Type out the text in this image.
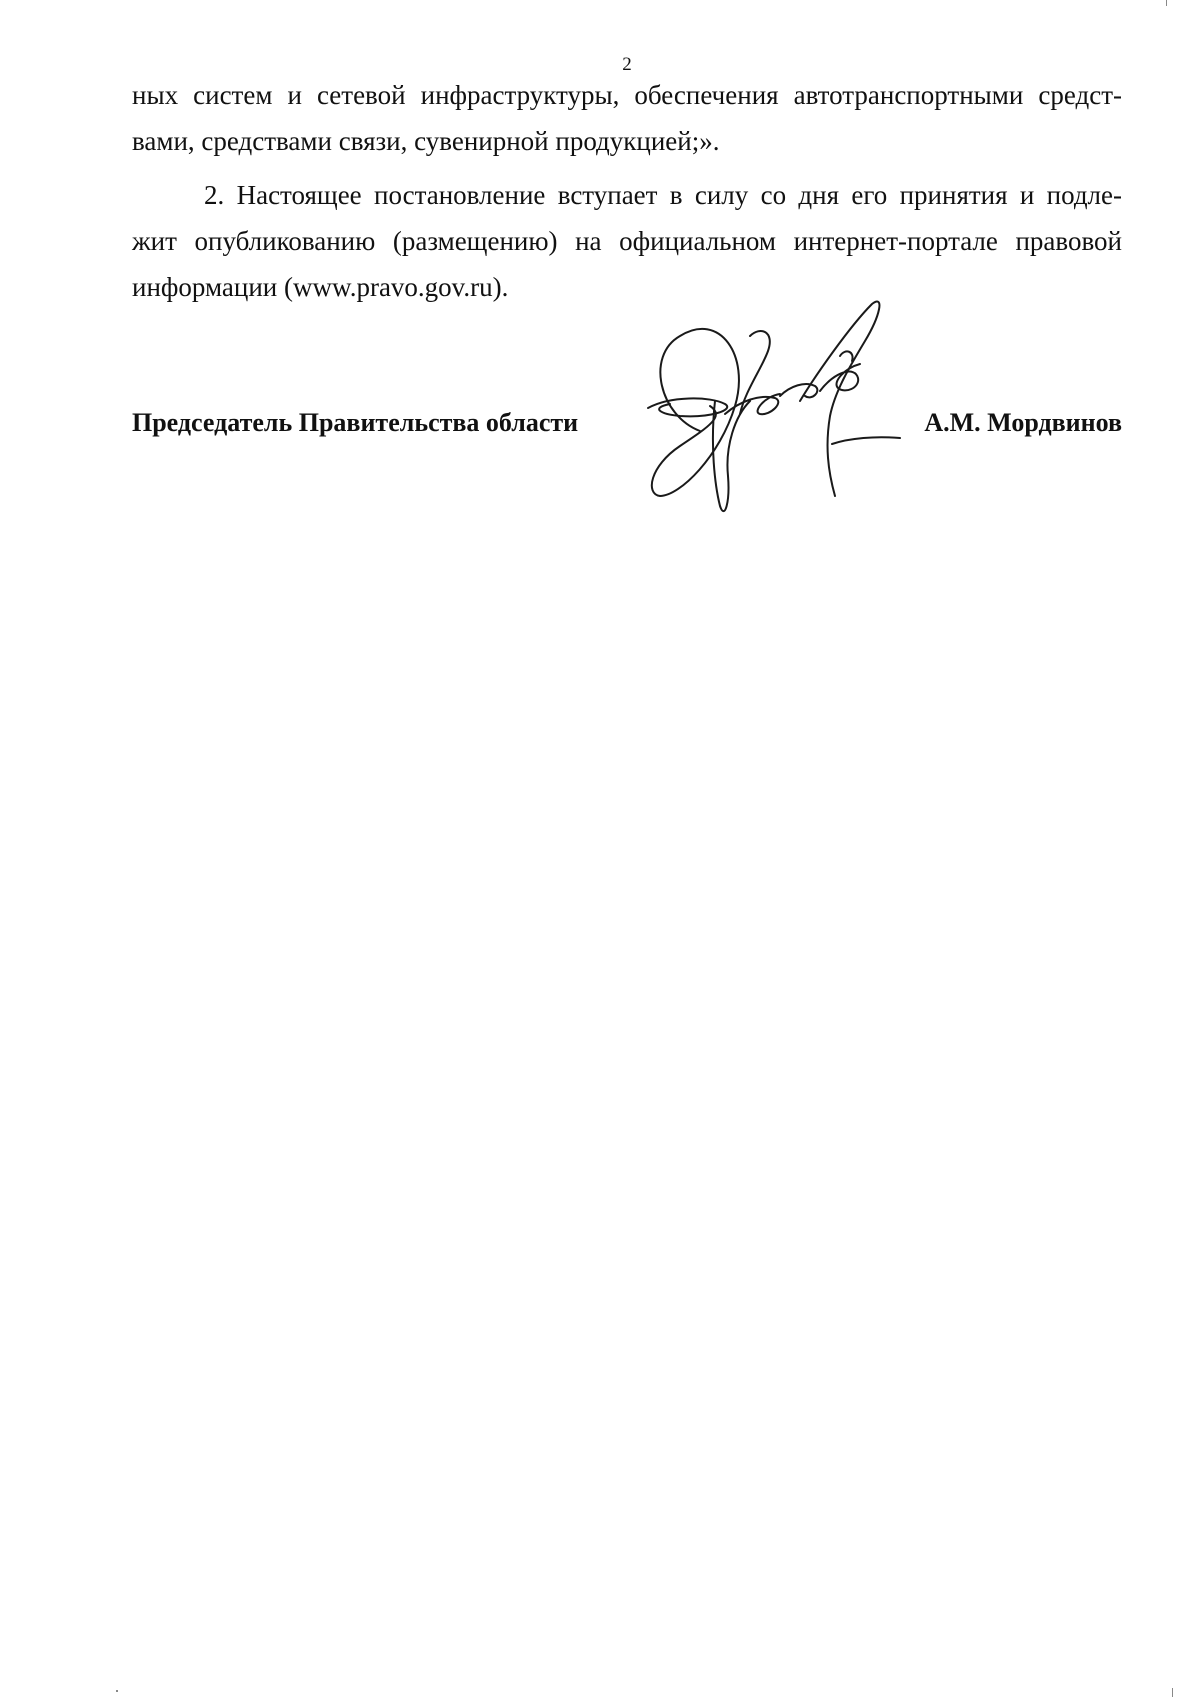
2
ных систем и сетевой инфраструктуры, обеспечения автотранспортными средст-
вами, средствами связи, сувенирной продукцией;».
2. Настоящее постановление вступает в силу со дня его принятия и подле-
жит опубликованию (размещению) на официальном интернет-портале правовой
информации (www.pravo.gov.ru).
Председатель Правительства области	А.М. Мордвинов
